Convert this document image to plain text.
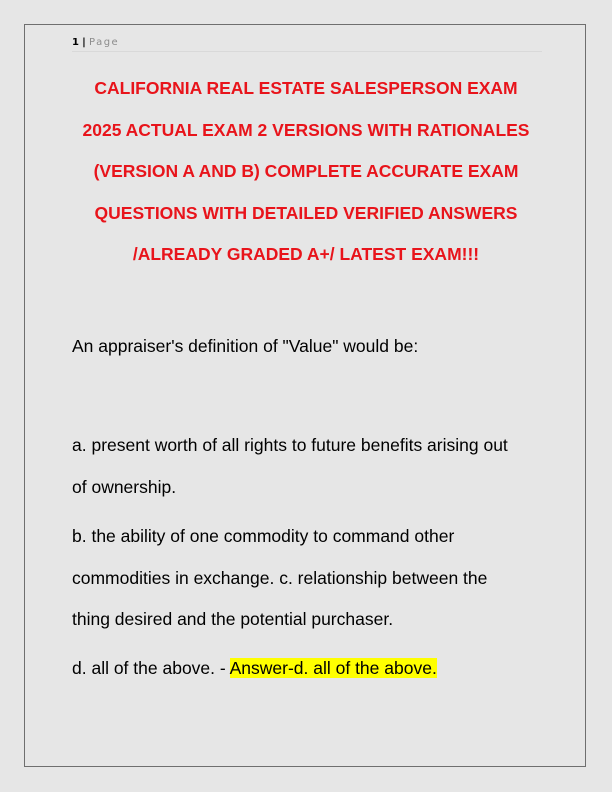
1 | Page
CALIFORNIA REAL ESTATE SALESPERSON EXAM
2025 ACTUAL EXAM 2 VERSIONS WITH RATIONALES
(VERSION A AND B) COMPLETE ACCURATE EXAM
QUESTIONS WITH DETAILED VERIFIED ANSWERS
/ALREADY GRADED A+/ LATEST EXAM!!!
An appraiser's definition of "Value" would be:
a. present worth of all rights to future benefits arising out
of ownership.
b. the ability of one commodity to command other
commodities in exchange. c. relationship between the
thing desired and the potential purchaser.
d. all of the above. - Answer-d. all of the above.
